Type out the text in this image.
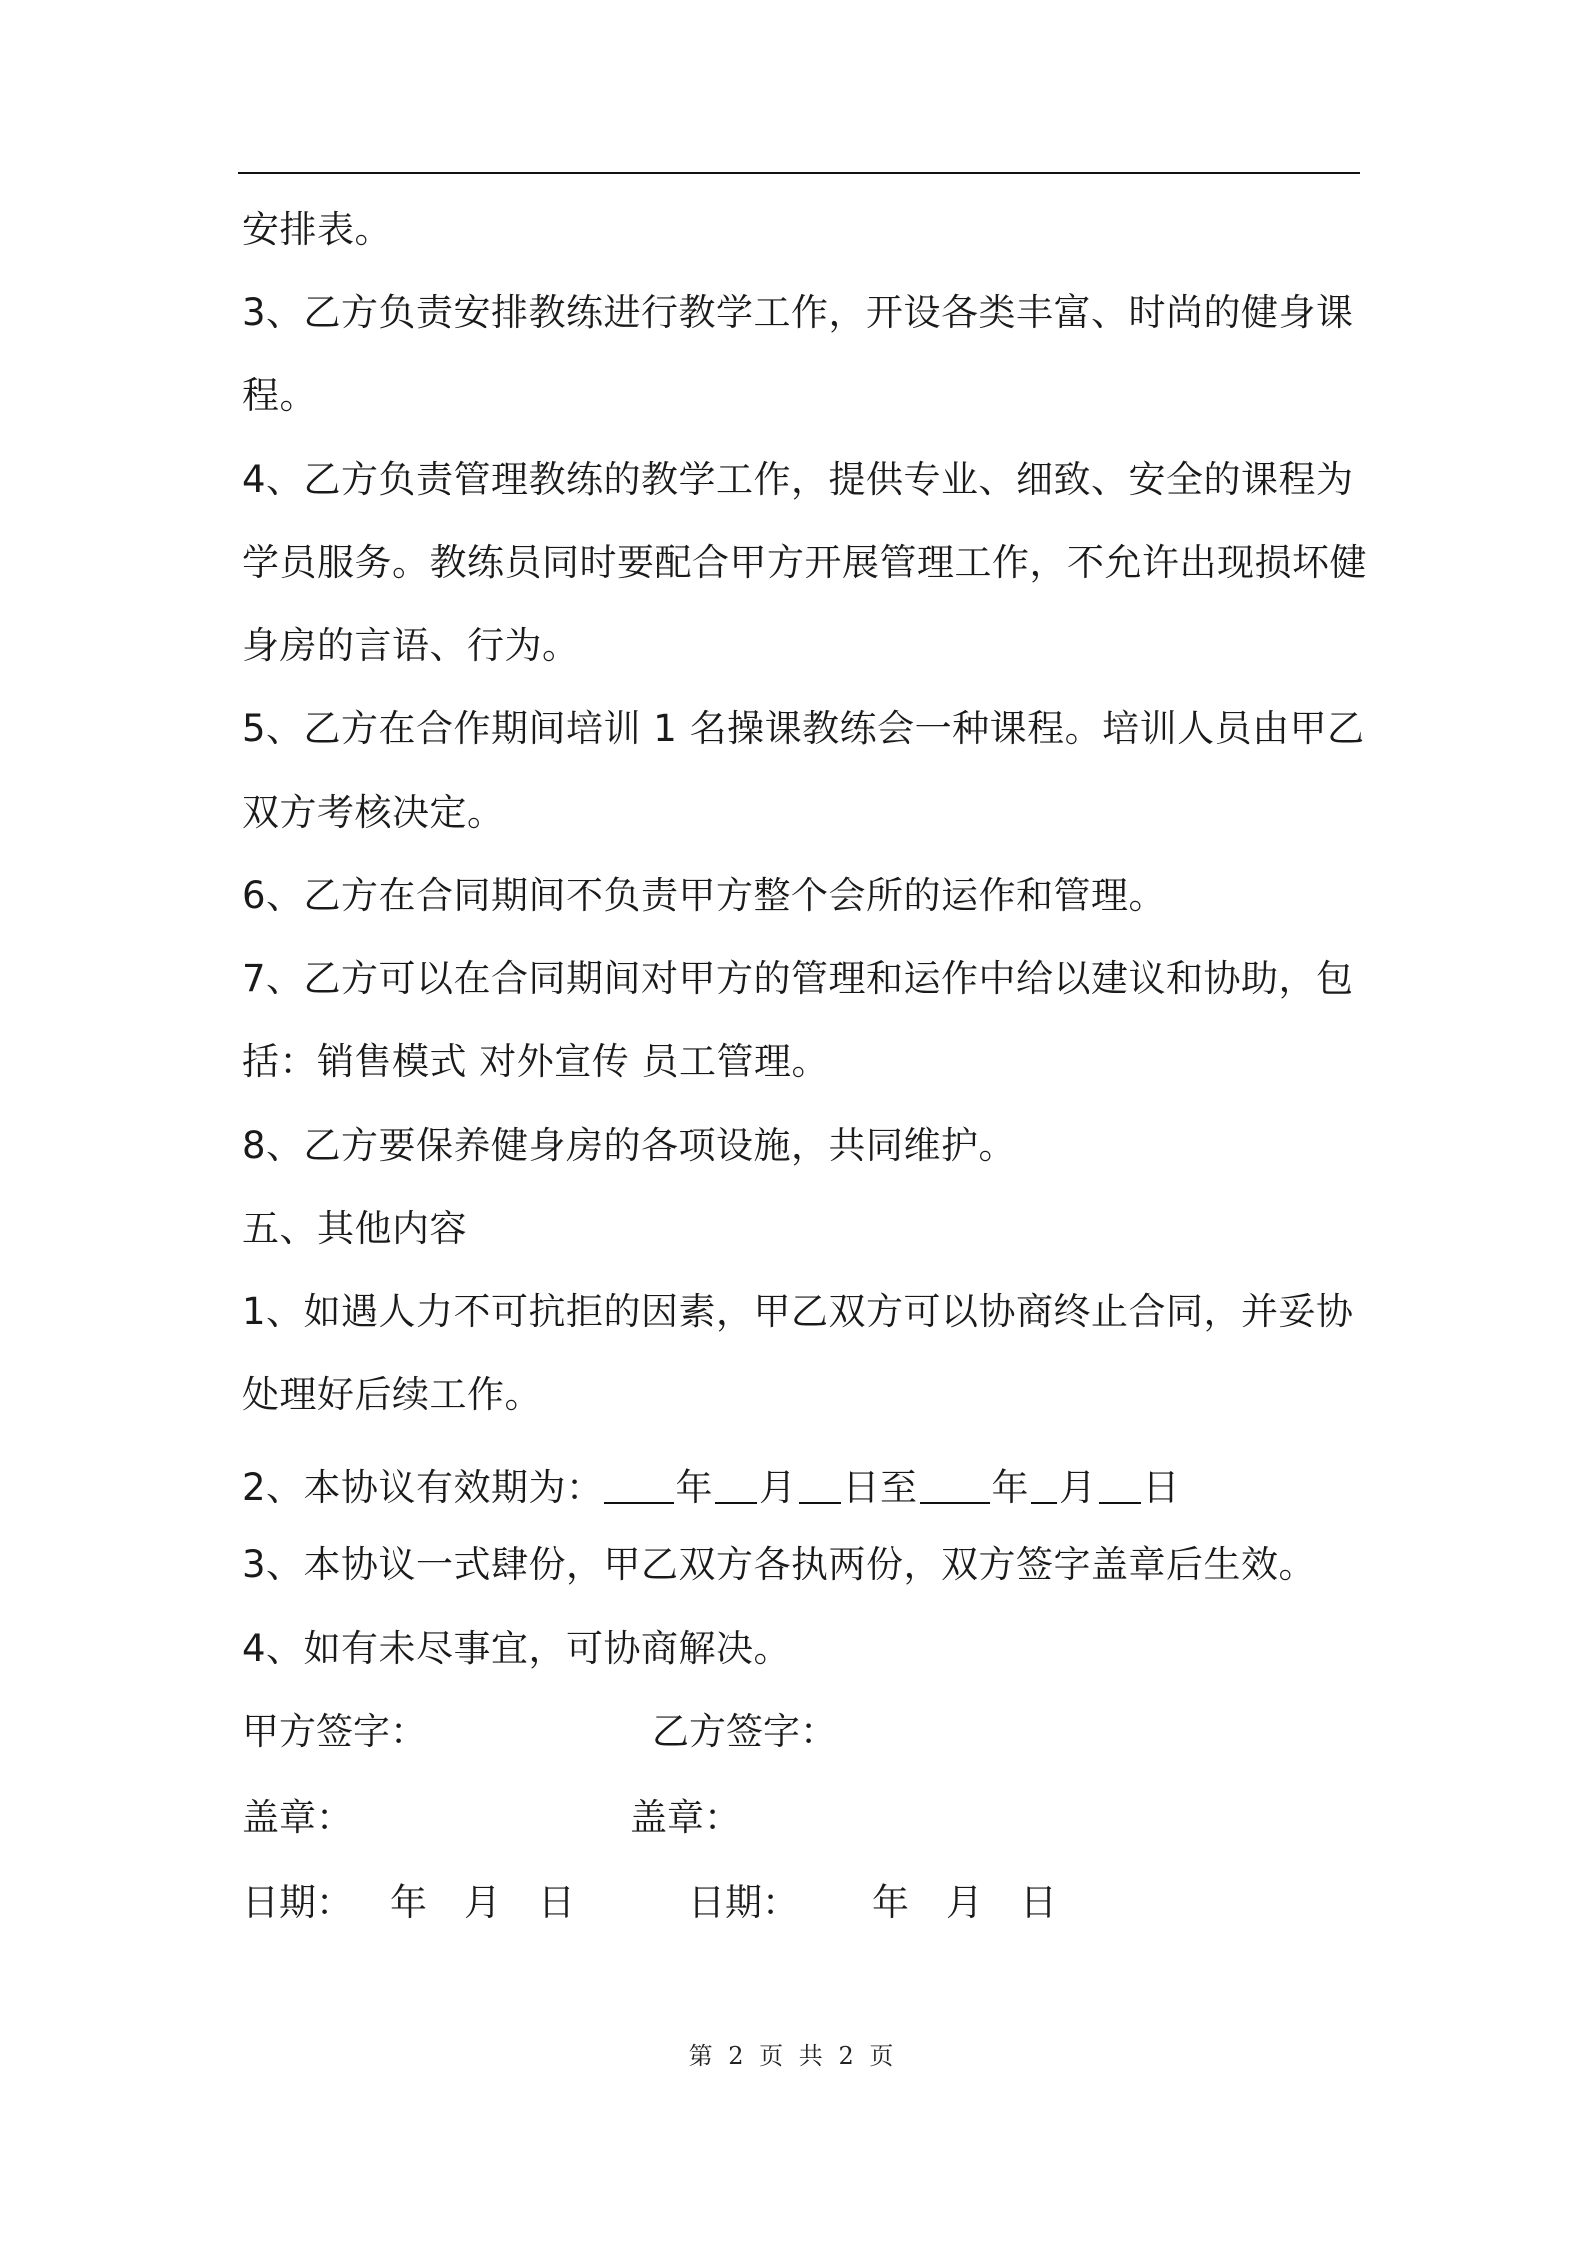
安排表。
3、乙方负责安排教练进行教学工作，开设各类丰富、时尚的健身课
程。
4、乙方负责管理教练的教学工作，提供专业、细致、安全的课程为
学员服务。教练员同时要配合甲方开展管理工作，不允许出现损坏健
身房的言语、行为。
5、乙方在合作期间培训 1 名操课教练会一种课程。培训人员由甲乙
双方考核决定。
6、乙方在合同期间不负责甲方整个会所的运作和管理。
7、乙方可以在合同期间对甲方的管理和运作中给以建议和协助，包
括：销售模式 对外宣传 员工管理。
8、乙方要保养健身房的各项设施，共同维护。
五、其他内容
1、如遇人力不可抗拒的因素，甲乙双方可以协商终止合同，并妥协
处理好后续工作。
2、本协议有效期为： 年 月 日至 年 月 日
3、本协议一式肆份，甲乙双方各执两份，双方签字盖章后生效。
4、如有未尽事宜，可协商解决。
甲方签字：	乙方签字：
盖章：	盖章：
日期： 年 月 日	日期： 年 月 日
第 2 页 共 2 页
